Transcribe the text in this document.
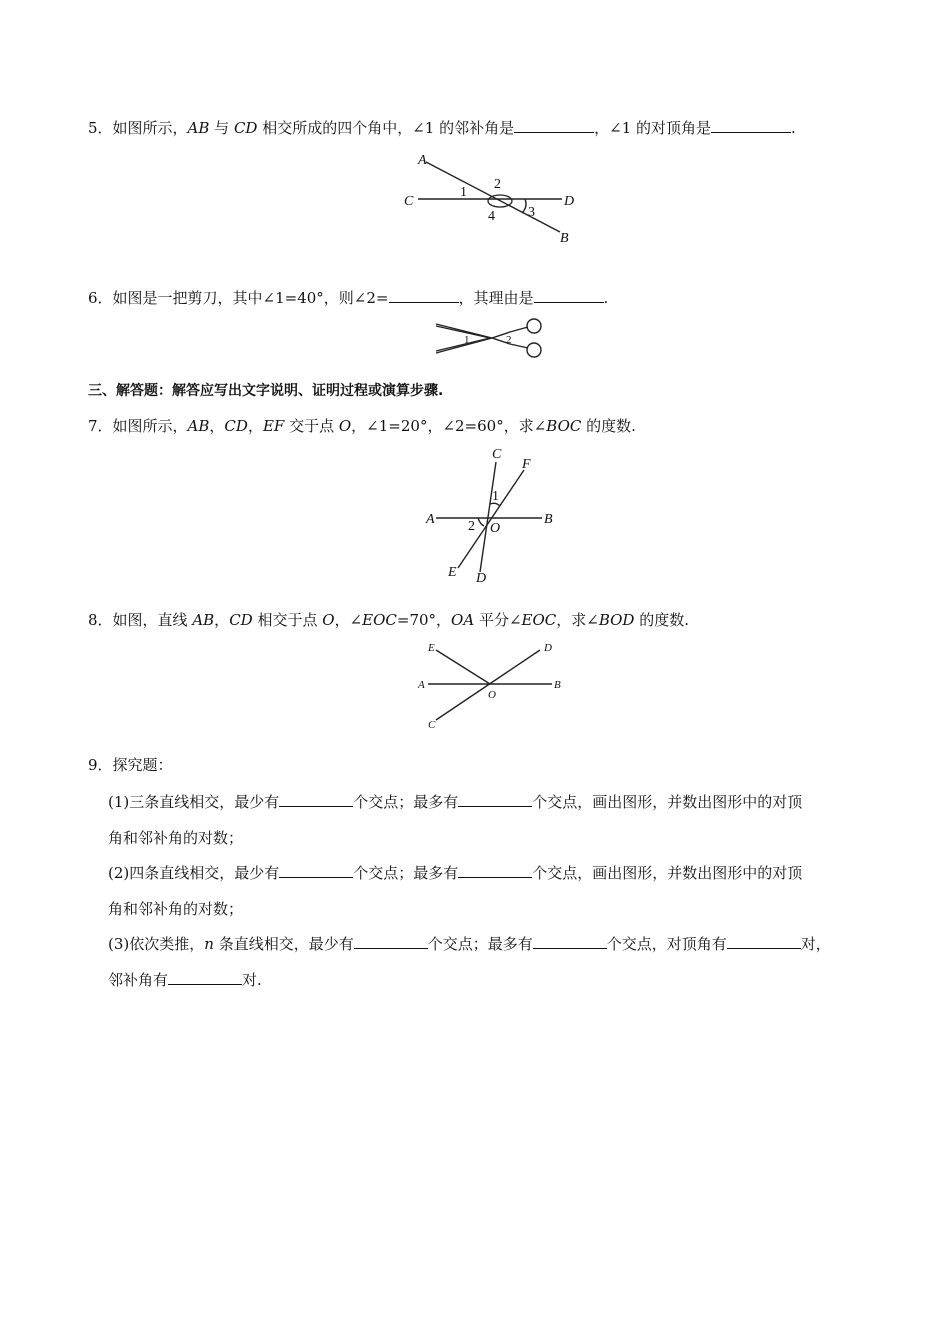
5．如图所示，AB 与 CD 相交所成的四个角中，∠1 的邻补角是	，∠1 的对顶角是	.
A
C	D
B
1
2
3
4
6．如图是一把剪刀，其中∠1=40°，则∠2=	，其理由是	.
1	2
三、解答题：解答应写出文字说明、证明过程或演算步骤.
7．如图所示，AB，CD，EF 交于点 O，∠1=20°，∠2=60°，求∠BOC 的度数.
A	B
C
F
E D
O
1
2
8．如图，直线 AB，CD 相交于点 O，∠EOC=70°，OA 平分∠EOC，求∠BOD 的度数.
E	D
A	B
C
O
9．探究题：
(1)三条直线相交，最少有	个交点；最多有	个交点，画出图形，并数出图形中的对顶
角和邻补角的对数；
(2)四条直线相交，最少有	个交点；最多有	个交点，画出图形，并数出图形中的对顶
角和邻补角的对数；
(3)依次类推，n 条直线相交，最少有	个交点；最多有	个交点，对顶角有	对，
邻补角有	对.
